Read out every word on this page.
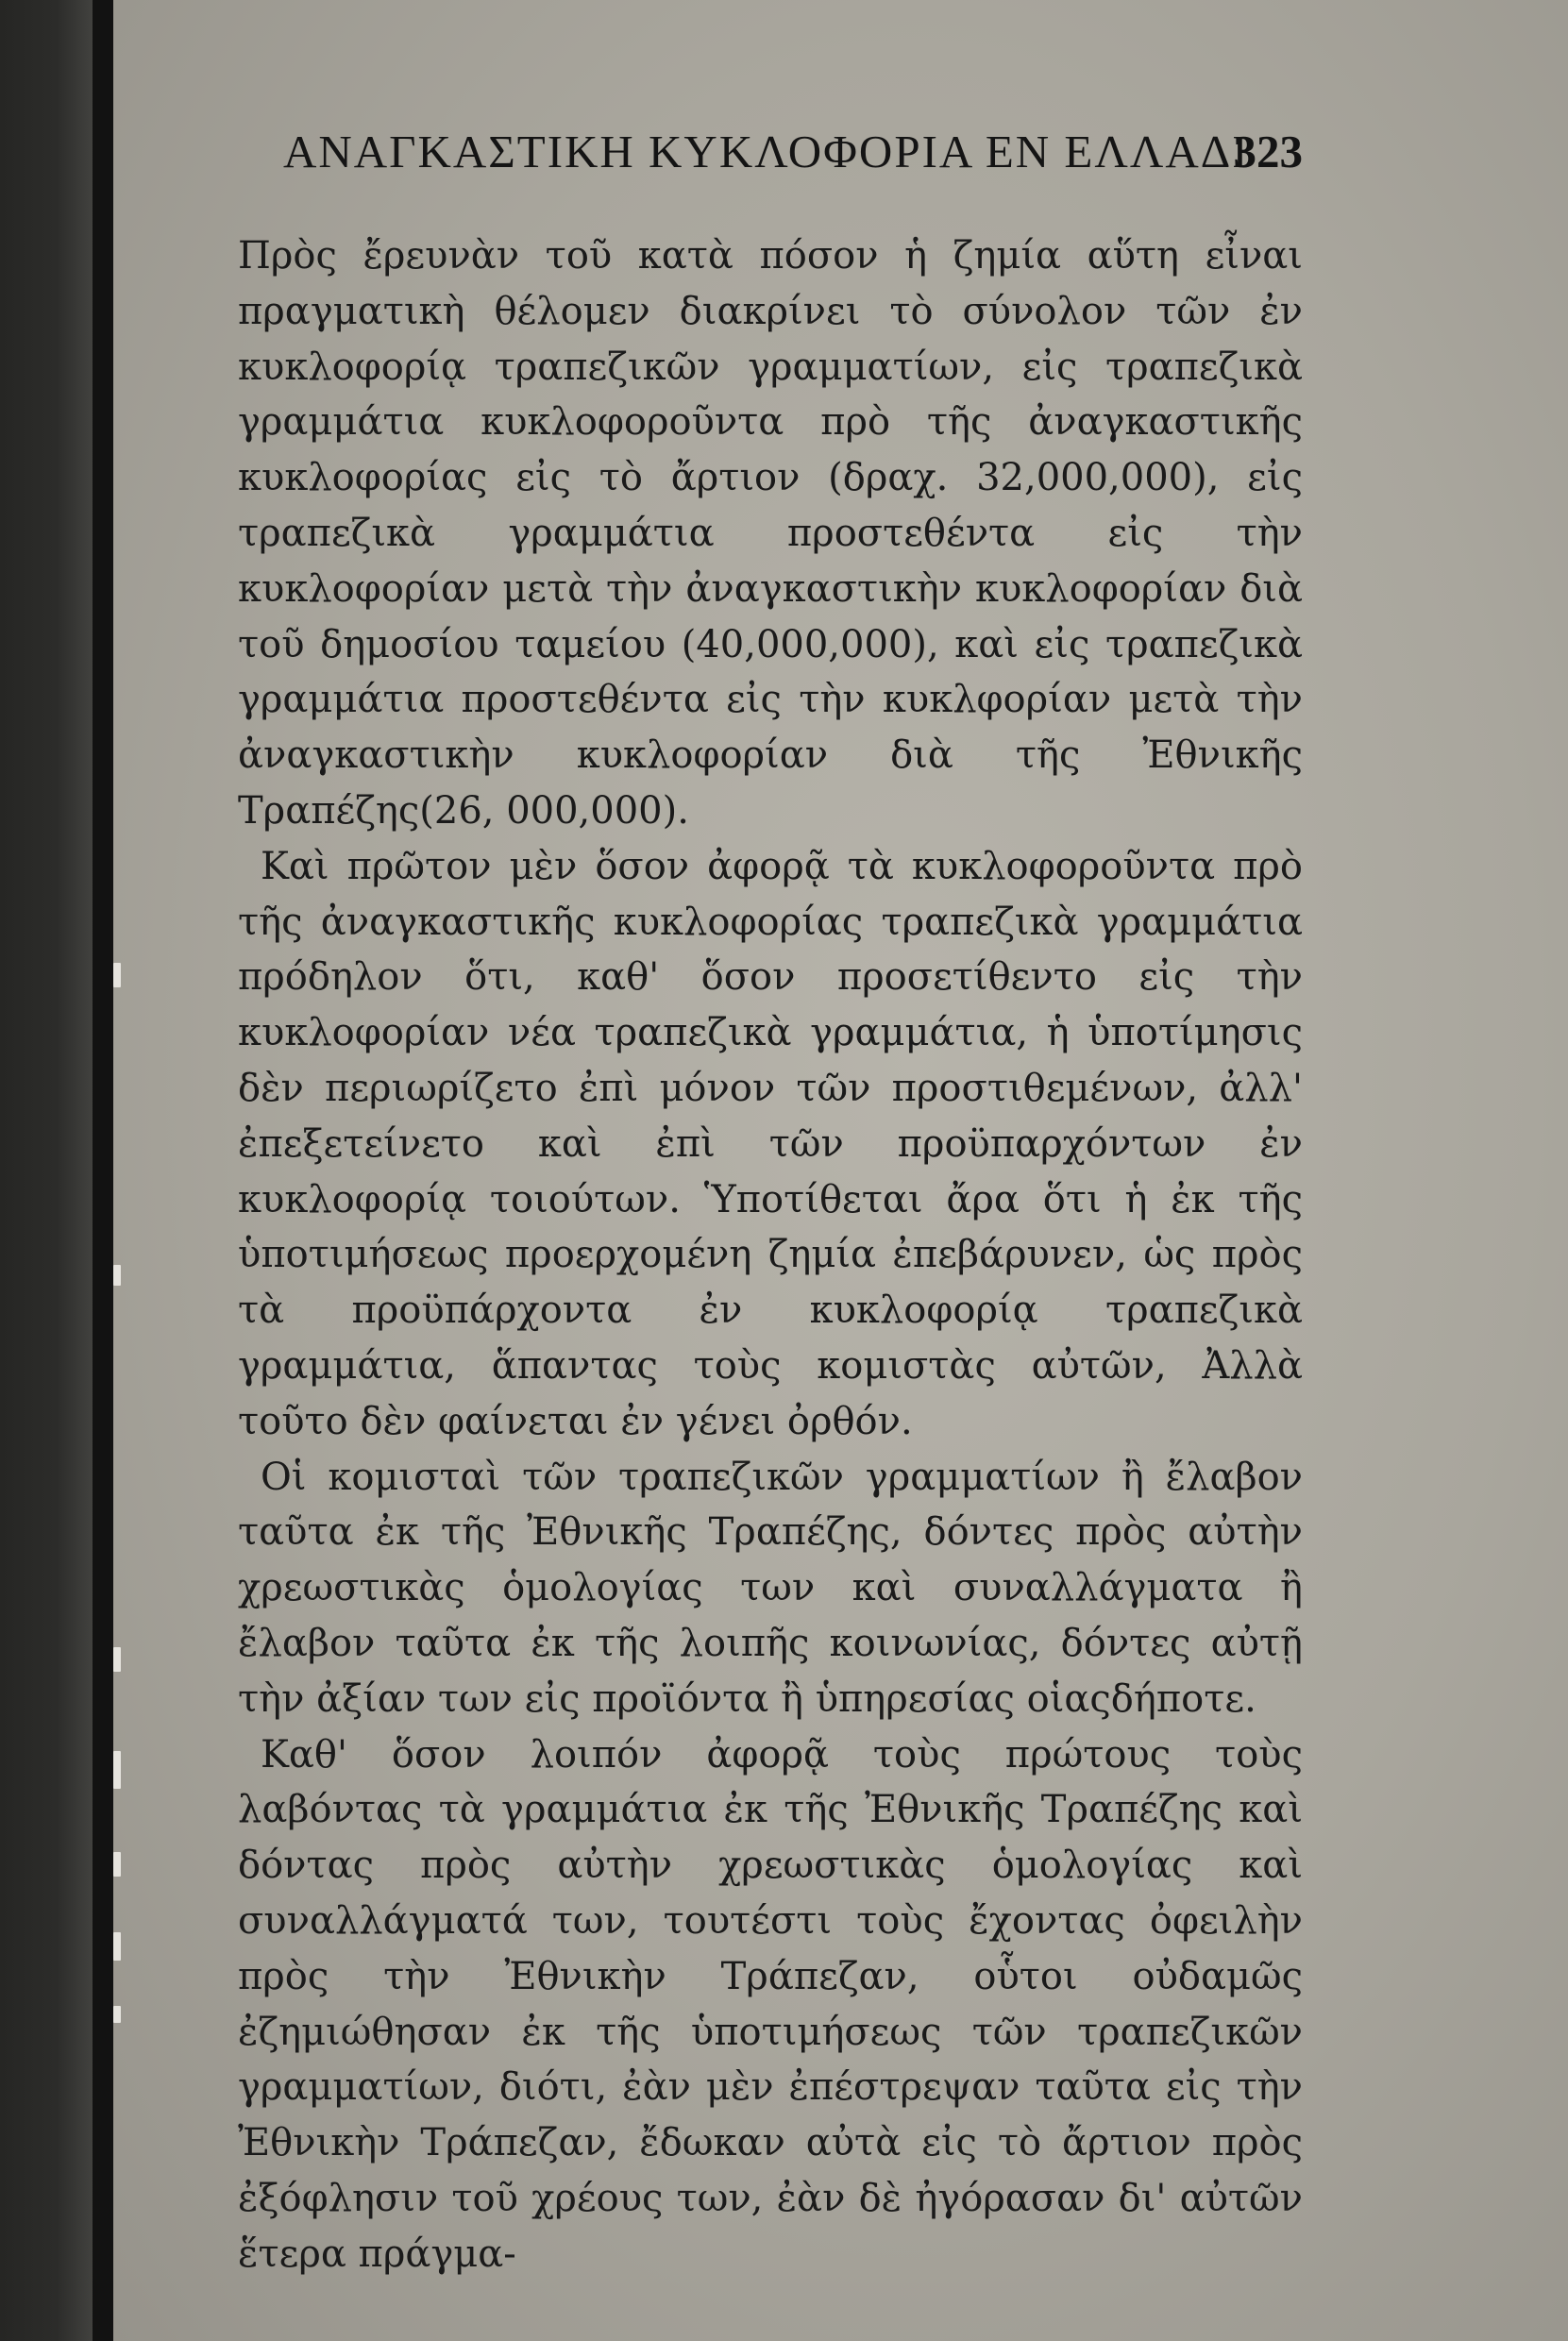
ΑΝΑΓΚΑΣΤΙΚΗ ΚΥΚΛΟΦΟΡΙΑ ΕΝ ΕΛΛΑΔΙ
323

Πρὸς ἔρευνὰν τοῦ κατὰ πόσον ἡ ζημία αὕτη εἶναι πραγματικὴ θέλομεν διακρίνει τὸ σύνολον τῶν ἐν κυκλοφορίᾳ τραπεζικῶν γραμματίων, εἰς τραπεζικὰ γραμμάτια κυκλοφοροῦντα πρὸ τῆς ἀναγκαστικῆς κυκλοφορίας εἰς τὸ ἄρτιον (δραχ. 32,000,000), εἰς τραπεζικὰ γραμμάτια προστεθέντα εἰς τὴν κυκλοφορίαν μετὰ τὴν ἀναγκαστικὴν κυκλοφορίαν διὰ τοῦ δημοσίου ταμείου (40,000,000), καὶ εἰς τραπεζικὰ γραμμάτια προστεθέντα εἰς τὴν κυκλφορίαν μετὰ τὴν ἀναγκαστικὴν κυκλοφορίαν διὰ τῆς Ἐθνικῆς Τραπέζης(26, 000,000).

Καὶ πρῶτον μὲν ὅσον ἀφορᾷ τὰ κυκλοφοροῦντα πρὸ τῆς ἀναγκαστικῆς κυκλοφορίας τραπεζικὰ γραμμάτια πρόδηλον ὅτι, καθ' ὅσον προσετίθεντο εἰς τὴν κυκλοφορίαν νέα τραπεζικὰ γραμμάτια, ἡ ὑποτίμησις δὲν περιωρίζετο ἐπὶ μόνον τῶν προστιθεμένων, ἀλλ' ἐπεξετείνετο καὶ ἐπὶ τῶν προϋπαρχόντων ἐν κυκλοφορίᾳ τοιούτων. Ὑποτίθεται ἄρα ὅτι ἡ ἐκ τῆς ὑποτιμήσεως προερχομένη ζημία ἐπεβάρυνεν, ὡς πρὸς τὰ προϋπάρχοντα ἐν κυκλοφορίᾳ τραπεζικὰ γραμμάτια, ἅπαντας τοὺς κομιστὰς αὐτῶν, Ἀλλὰ τοῦτο δὲν φαίνεται ἐν γένει ὀρθόν.

Οἱ κομισταὶ τῶν τραπεζικῶν γραμματίων ἢ ἔλαβον ταῦτα ἐκ τῆς Ἐθνικῆς Τραπέζης, δόντες πρὸς αὐτὴν χρεωστικὰς ὁμολογίας των καὶ συναλλάγματα ἢ ἔλαβον ταῦτα ἐκ τῆς λοιπῆς κοινωνίας, δόντες αὐτῇ τὴν ἀξίαν των εἰς προϊόντα ἢ ὑπηρεσίας οἱαςδήποτε.

Καθ' ὅσον λοιπόν ἀφορᾷ τοὺς πρώτους τοὺς λαβόντας τὰ γραμμάτια ἐκ τῆς Ἐθνικῆς Τραπέζης καὶ δόντας πρὸς αὐτὴν χρεωστικὰς ὁμολογίας καὶ συναλλάγματά των, τουτέστι τοὺς ἔχοντας ὀφειλὴν πρὸς τὴν Ἐθνικὴν Τράπεζαν, οὗτοι οὐδαμῶς ἐζημιώθησαν ἐκ τῆς ὑποτιμήσεως τῶν τραπεζικῶν γραμματίων, διότι, ἐὰν μὲν ἐπέστρεψαν ταῦτα εἰς τὴν Ἐθνικὴν Τράπεζαν, ἔδωκαν αὐτὰ εἰς τὸ ἄρτιον πρὸς ἐξόφλησιν τοῦ χρέους των, ἐὰν δὲ ἠγόρασαν δι' αὐτῶν ἕτερα πράγμα-
